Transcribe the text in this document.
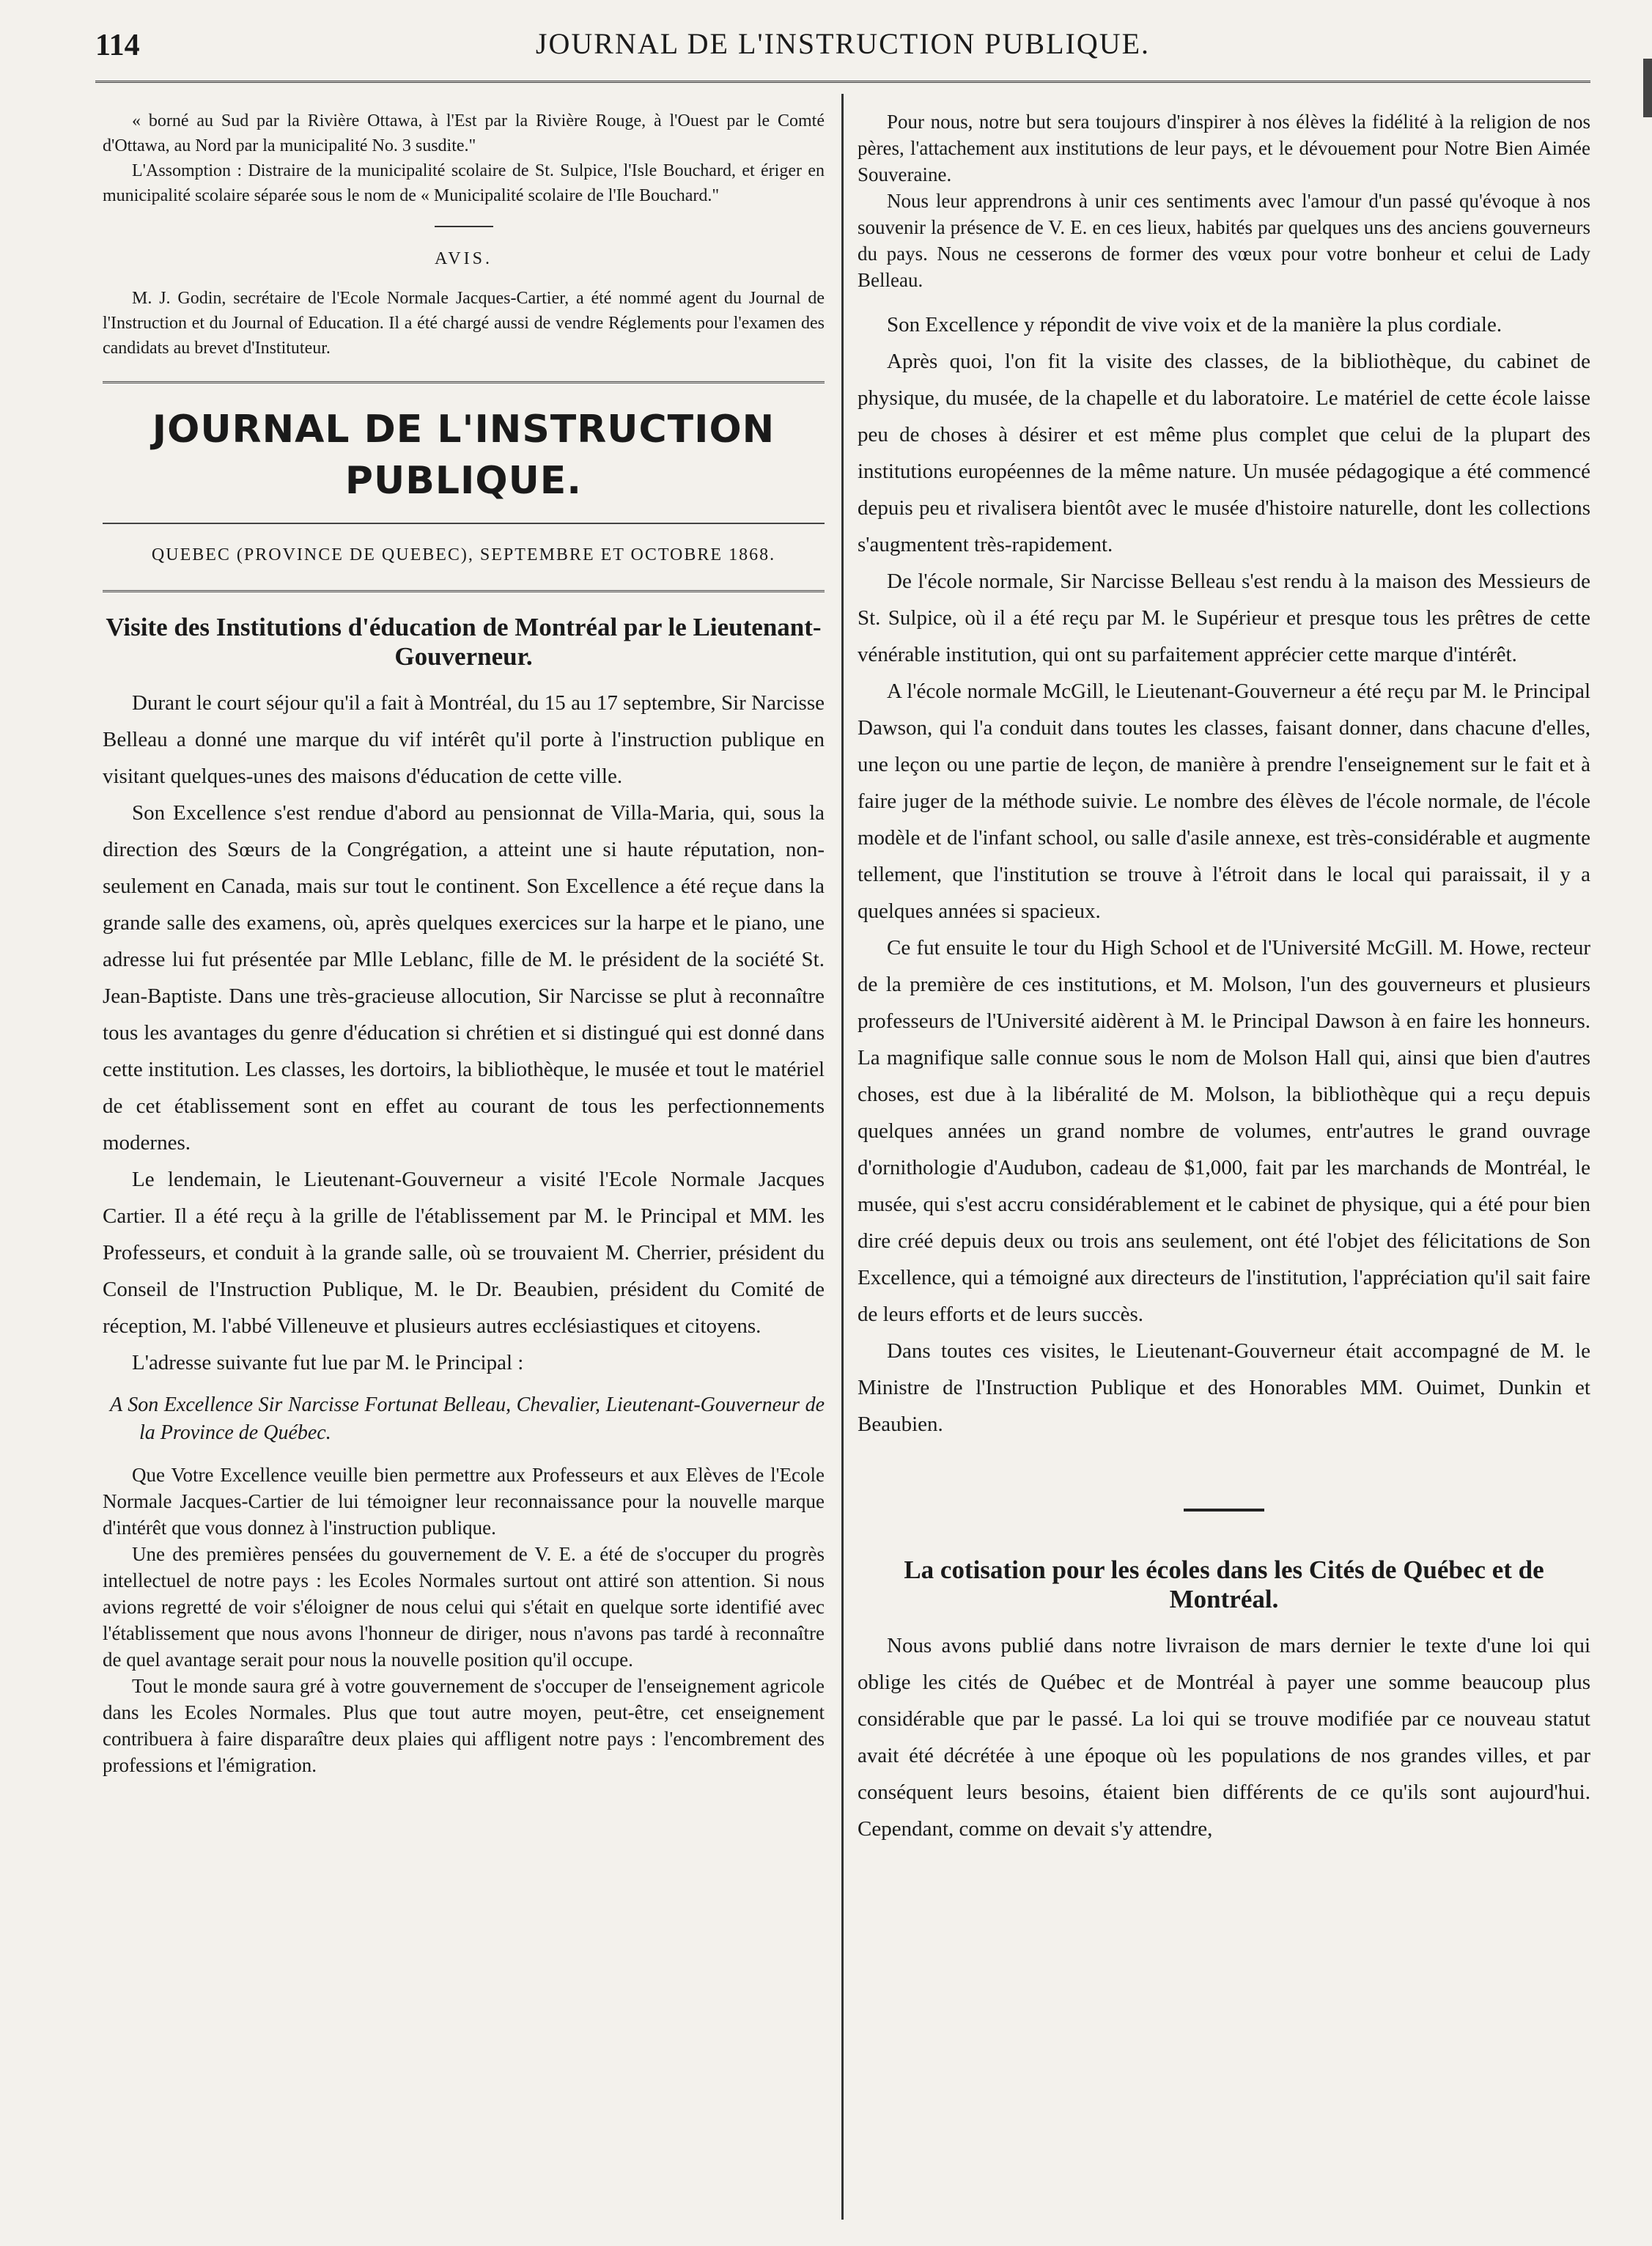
114	JOURNAL DE L'INSTRUCTION PUBLIQUE.

« borné au Sud par la Rivière Ottawa, à l'Est par la Rivière Rouge, à l'Ouest par le Comté d'Ottawa, au Nord par la municipalité No. 3 susdite."

L'Assomption : Distraire de la municipalité scolaire de St. Sulpice, l'Isle Bouchard, et ériger en municipalité scolaire séparée sous le nom de « Municipalité scolaire de l'Ile Bouchard."

AVIS.

M. J. Godin, secrétaire de l'Ecole Normale Jacques-Cartier, a été nommé agent du Journal de l'Instruction et du Journal of Education. Il a été chargé aussi de vendre Réglements pour l'examen des candidats au brevet d'Instituteur.

JOURNAL DE L'INSTRUCTION PUBLIQUE.
QUEBEC (PROVINCE DE QUEBEC), SEPTEMBRE ET OCTOBRE 1868.
Visite des Institutions d'éducation de Montréal par le Lieutenant-Gouverneur.

Durant le court séjour qu'il a fait à Montréal, du 15 au 17 septembre, Sir Narcisse Belleau a donné une marque du vif intérêt qu'il porte à l'instruction publique en visitant quelques-unes des maisons d'éducation de cette ville.

Son Excellence s'est rendue d'abord au pensionnat de Villa-Maria, qui, sous la direction des Sœurs de la Congrégation, a atteint une si haute réputation, non-seulement en Canada, mais sur tout le continent. Son Excellence a été reçue dans la grande salle des examens, où, après quelques exercices sur la harpe et le piano, une adresse lui fut présentée par Mlle Leblanc, fille de M. le président de la société St. Jean-Baptiste. Dans une très-gracieuse allocution, Sir Narcisse se plut à reconnaître tous les avantages du genre d'éducation si chrétien et si distingué qui est donné dans cette institution. Les classes, les dortoirs, la bibliothèque, le musée et tout le matériel de cet établissement sont en effet au courant de tous les perfectionnements modernes.

Le lendemain, le Lieutenant-Gouverneur a visité l'Ecole Normale Jacques Cartier. Il a été reçu à la grille de l'établissement par M. le Principal et MM. les Professeurs, et conduit à la grande salle, où se trouvaient M. Cherrier, président du Conseil de l'Instruction Publique, M. le Dr. Beaubien, président du Comité de réception, M. l'abbé Villeneuve et plusieurs autres ecclésiastiques et citoyens.

L'adresse suivante fut lue par M. le Principal :

A Son Excellence Sir Narcisse Fortunat Belleau, Chevalier, Lieutenant-Gouverneur de la Province de Québec.

Que Votre Excellence veuille bien permettre aux Professeurs et aux Elèves de l'Ecole Normale Jacques-Cartier de lui témoigner leur reconnaissance pour la nouvelle marque d'intérêt que vous donnez à l'instruction publique.

Une des premières pensées du gouvernement de V. E. a été de s'occuper du progrès intellectuel de notre pays : les Ecoles Normales surtout ont attiré son attention. Si nous avions regretté de voir s'éloigner de nous celui qui s'était en quelque sorte identifié avec l'établissement que nous avons l'honneur de diriger, nous n'avons pas tardé à reconnaître de quel avantage serait pour nous la nouvelle position qu'il occupe.

Tout le monde saura gré à votre gouvernement de s'occuper de l'enseignement agricole dans les Ecoles Normales. Plus que tout autre moyen, peut-être, cet enseignement contribuera à faire disparaître deux plaies qui affligent notre pays : l'encombrement des professions et l'émigration.

Pour nous, notre but sera toujours d'inspirer à nos élèves la fidélité à la religion de nos pères, l'attachement aux institutions de leur pays, et le dévouement pour Notre Bien Aimée Souveraine.

Nous leur apprendrons à unir ces sentiments avec l'amour d'un passé qu'évoque à nos souvenir la présence de V. E. en ces lieux, habités par quelques uns des anciens gouverneurs du pays. Nous ne cesserons de former des vœux pour votre bonheur et celui de Lady Belleau.

Son Excellence y répondit de vive voix et de la manière la plus cordiale.

Après quoi, l'on fit la visite des classes, de la bibliothèque, du cabinet de physique, du musée, de la chapelle et du laboratoire. Le matériel de cette école laisse peu de choses à désirer et est même plus complet que celui de la plupart des institutions européennes de la même nature. Un musée pédagogique a été commencé depuis peu et rivalisera bientôt avec le musée d'histoire naturelle, dont les collections s'augmentent très-rapidement.

De l'école normale, Sir Narcisse Belleau s'est rendu à la maison des Messieurs de St. Sulpice, où il a été reçu par M. le Supérieur et presque tous les prêtres de cette vénérable institution, qui ont su parfaitement apprécier cette marque d'intérêt.

A l'école normale McGill, le Lieutenant-Gouverneur a été reçu par M. le Principal Dawson, qui l'a conduit dans toutes les classes, faisant donner, dans chacune d'elles, une leçon ou une partie de leçon, de manière à prendre l'enseignement sur le fait et à faire juger de la méthode suivie. Le nombre des élèves de l'école normale, de l'école modèle et de l'infant school, ou salle d'asile annexe, est très-considérable et augmente tellement, que l'institution se trouve à l'étroit dans le local qui paraissait, il y a quelques années si spacieux.

Ce fut ensuite le tour du High School et de l'Université McGill. M. Howe, recteur de la première de ces institutions, et M. Molson, l'un des gouverneurs et plusieurs professeurs de l'Université aidèrent à M. le Principal Dawson à en faire les honneurs. La magnifique salle connue sous le nom de Molson Hall qui, ainsi que bien d'autres choses, est due à la libéralité de M. Molson, la bibliothèque qui a reçu depuis quelques années un grand nombre de volumes, entr'autres le grand ouvrage d'ornithologie d'Audubon, cadeau de $1,000, fait par les marchands de Montréal, le musée, qui s'est accru considérablement et le cabinet de physique, qui a été pour bien dire créé depuis deux ou trois ans seulement, ont été l'objet des félicitations de Son Excellence, qui a témoigné aux directeurs de l'institution, l'appréciation qu'il sait faire de leurs efforts et de leurs succès.

Dans toutes ces visites, le Lieutenant-Gouverneur était accompagné de M. le Ministre de l'Instruction Publique et des Honorables MM. Ouimet, Dunkin et Beaubien.

La cotisation pour les écoles dans les Cités de Québec et de Montréal.

Nous avons publié dans notre livraison de mars dernier le texte d'une loi qui oblige les cités de Québec et de Montréal à payer une somme beaucoup plus considérable que par le passé. La loi qui se trouve modifiée par ce nouveau statut avait été décrétée à une époque où les populations de nos grandes villes, et par conséquent leurs besoins, étaient bien différents de ce qu'ils sont aujourd'hui. Cependant, comme on devait s'y attendre,
